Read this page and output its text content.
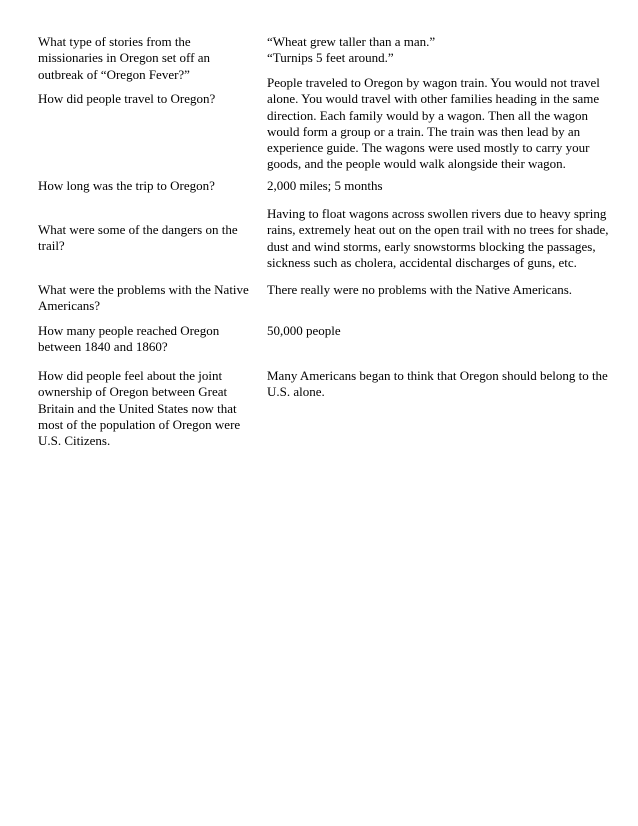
What type of stories from the
missionaries in Oregon set off an
outbreak of “Oregon Fever?”
“Wheat grew taller than a man.”
“Turnips 5 feet around.”
How did people travel to Oregon?
People traveled to Oregon by wagon train. You would not travel
alone. You would travel with other families heading in the same
direction. Each family would by a wagon. Then all the wagon
would form a group or a train. The train was then lead by an
experience guide. The wagons were used mostly to carry your
goods, and the people would walk alongside their wagon.
How long was the trip to Oregon?	2,000 miles; 5 months
What were some of the dangers on the
trail?
Having to float wagons across swollen rivers due to heavy spring
rains, extremely heat out on the open trail with no trees for shade,
dust and wind storms, early snowstorms blocking the passages,
sickness such as cholera, accidental discharges of guns, etc.
What were the problems with the Native
Americans?
There really were no problems with the Native Americans.
How many people reached Oregon
between 1840 and 1860?
50,000 people
How did people feel about the joint
ownership of Oregon between Great
Britain and the United States now that
most of the population of Oregon were
U.S. Citizens.
Many Americans began to think that Oregon should belong to the
U.S. alone.
